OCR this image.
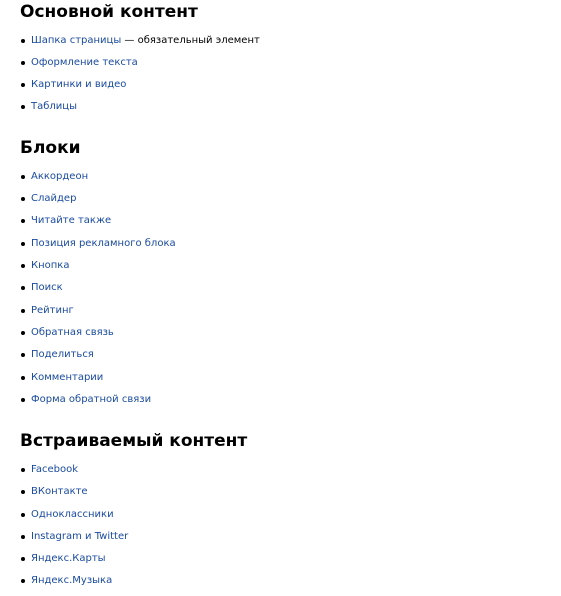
Основной контент
Шапка страницы — обязательный элемент
Оформление текста
Картинки и видео
Таблицы
Блоки
Аккордеон
Слайдер
Читайте также
Позиция рекламного блока
Кнопка
Поиск
Рейтинг
Обратная связь
Поделиться
Комментарии
Форма обратной связи
Встраиваемый контент
Facebook
ВКонтакте
Одноклассники
Instagram и Twitter
Яндекс.Карты
Яндекс.Музыка
